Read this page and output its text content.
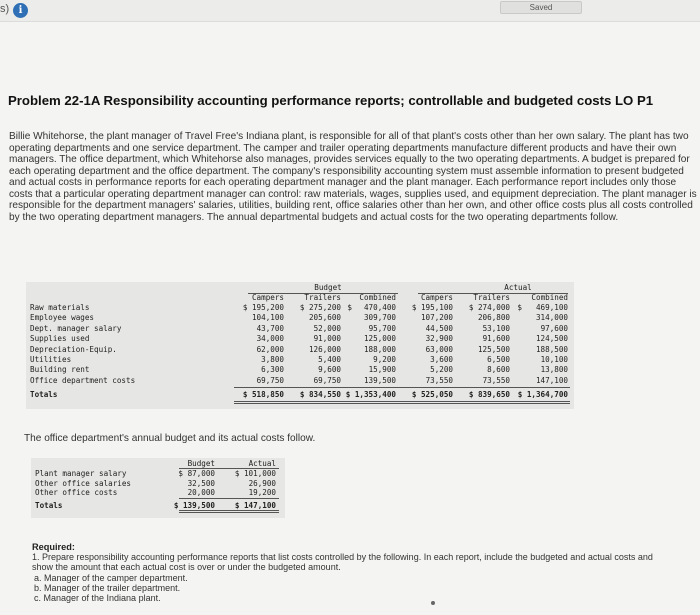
s) i	Saved
Problem 22-1A Responsibility accounting performance reports; controllable and budgeted costs LO P1
Billie Whitehorse, the plant manager of Travel Free's Indiana plant, is responsible for all of that plant's costs other than her own salary. The plant has two operating departments and one service department. The camper and trailer operating departments manufacture different products and have their own managers. The office department, which Whitehorse also manages, provides services equally to the two operating departments. A budget is prepared for each operating department and the office department. The company's responsibility accounting system must assemble information to present budgeted and actual costs in performance reports for each operating department manager and the plant manager. Each performance report includes only those costs that a particular operating department manager can control: raw materials, wages, supplies used, and equipment depreciation. The plant manager is responsible for the department managers' salaries, utilities, building rent, office salaries other than her own, and other office costs plus all costs controlled by the two operating department managers. The annual departmental budgets and actual costs for the two operating departments follow.
Budget	Actual
Campers	Trailers Combined	Campers	Trailers	Combined
Raw materials	$ 195,200 $ 275,200 $ 470,400 $ 195,100 $ 274,000 $ 469,100
Employee wages	104,100	205,600	309,700	107,200	206,800	314,000
Dept. manager salary	43,700	52,000	95,700	44,500	53,100	97,600
Supplies used	34,000	91,000	125,000	32,900	91,600	124,500
Depreciation-Equip.	62,000	126,000	188,000	63,000	125,500	188,500
Utilities	3,800	5,400	9,200	3,600	6,500	10,100
Building rent	6,300	9,600	15,900	5,200	8,600	13,800
Office department costs	69,750	69,750	139,500	73,550	73,550	147,100
Totals	$ 518,850 $ 834,550 $ 1,353,400 $ 525,050 $ 839,650 $ 1,364,700
The office department's annual budget and its actual costs follow.
Budget	Actual
Plant manager salary	$ 87,000	$ 101,000
Other office salaries	32,500	26,900
Other office costs	20,000	19,200
Totals	$ 139,500	$ 147,100
Required:
1. Prepare responsibility accounting performance reports that list costs controlled by the following. In each report, include the budgeted and actual costs and show the amount that each actual cost is over or under the budgeted amount.
a. Manager of the camper department.
b. Manager of the trailer department.
c. Manager of the Indiana plant.
